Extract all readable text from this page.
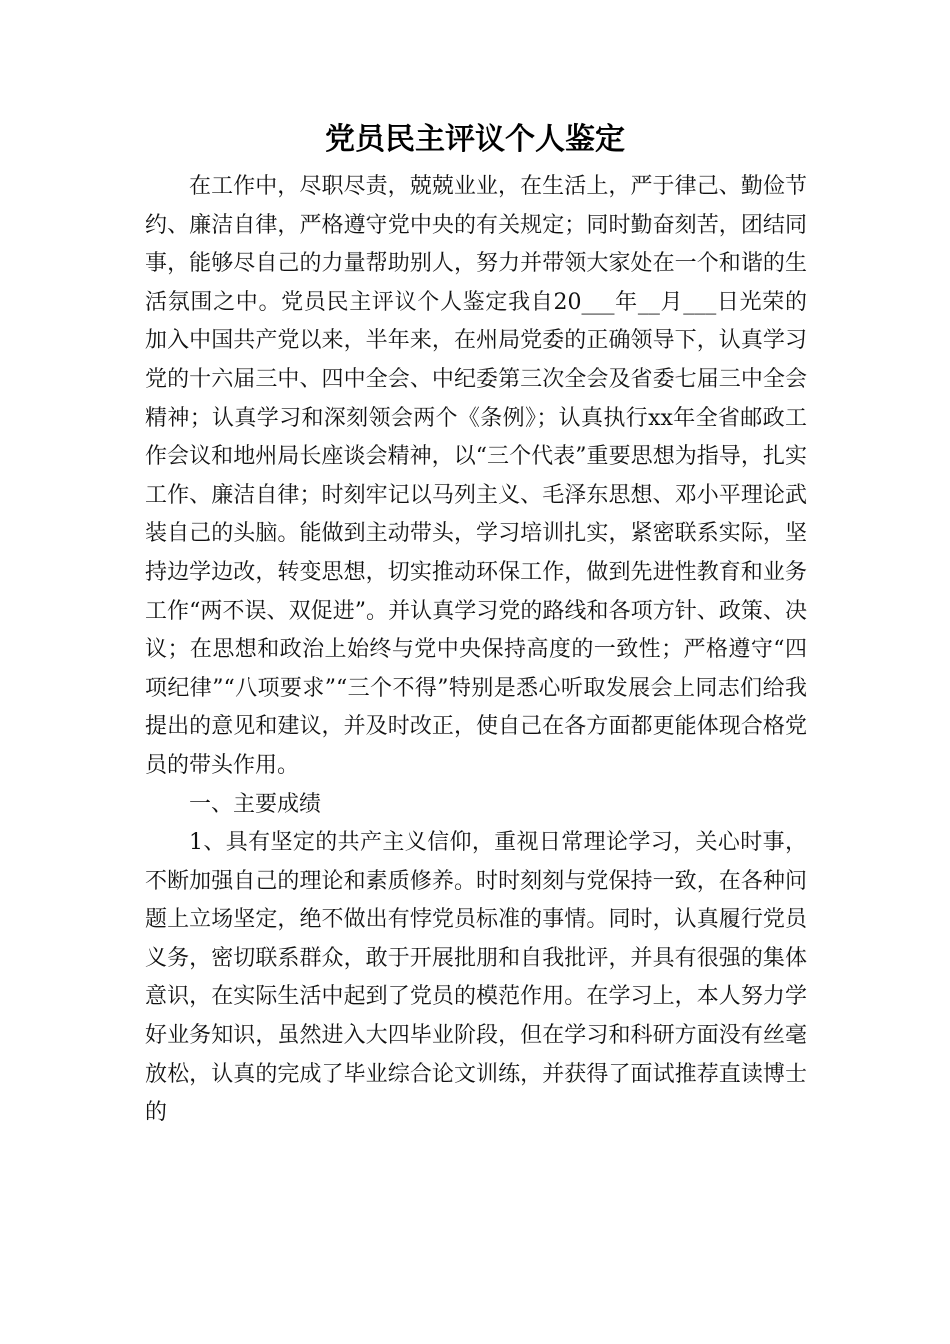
党员民主评议个人鉴定

在工作中，尽职尽责，兢兢业业，在生活上，严于律己、勤俭节约、廉洁自律，严格遵守党中央的有关规定；同时勤奋刻苦，团结同事，能够尽自己的力量帮助别人，努力并带领大家处在一个和谐的生活氛围之中。党员民主评议个人鉴定我自20___年__月___日光荣的加入中国共产党以来，半年来，在州局党委的正确领导下，认真学习党的十六届三中、四中全会、中纪委第三次全会及省委七届三中全会精神；认真学习和深刻领会两个《条例》；认真执行xx年全省邮政工作会议和地州局长座谈会精神，以“三个代表”重要思想为指导，扎实工作、廉洁自律；时刻牢记以马列主义、毛泽东思想、邓小平理论武装自己的头脑。能做到主动带头，学习培训扎实，紧密联系实际，坚持边学边改，转变思想，切实推动环保工作，做到先进性教育和业务工作“两不误、双促进”。并认真学习党的路线和各项方针、政策、决议；在思想和政治上始终与党中央保持高度的一致性；严格遵守“四项纪律”“八项要求”“三个不得”特别是悉心听取发展会上同志们给我提出的意见和建议，并及时改正，使自己在各方面都更能体现合格党员的带头作用。

一、主要成绩

1、具有坚定的共产主义信仰，重视日常理论学习，关心时事，不断加强自己的理论和素质修养。时时刻刻与党保持一致，在各种问题上立场坚定，绝不做出有悖党员标准的事情。同时，认真履行党员义务，密切联系群众，敢于开展批朋和自我批评，并具有很强的集体意识，在实际生活中起到了党员的模范作用。在学习上，本人努力学好业务知识，虽然进入大四毕业阶段，但在学习和科研方面没有丝毫放松，认真的完成了毕业综合论文训练，并获得了面试推荐直读博士的
